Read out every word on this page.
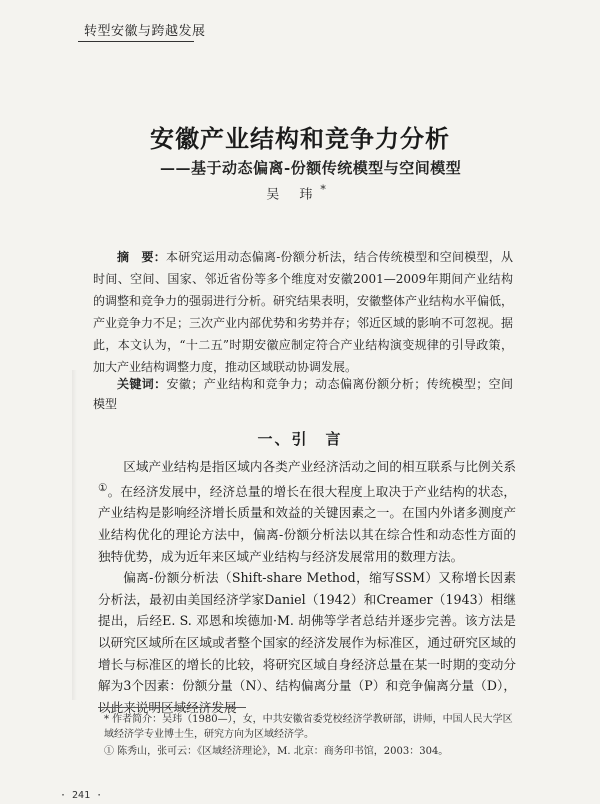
转型安徽与跨越发展
安徽产业结构和竞争力分析
——基于动态偏离-份额传统模型与空间模型
吴 玮*
摘　要：本研究运用动态偏离-份额分析法，结合传统模型和空间模型，从时间、空间、国家、邻近省份等多个维度对安徽2001—2009年期间产业结构的调整和竞争力的强弱进行分析。研究结果表明，安徽整体产业结构水平偏低，产业竞争力不足；三次产业内部优势和劣势并存；邻近区域的影响不可忽视。据此，本文认为，“十二五”时期安徽应制定符合产业结构演变规律的引导政策，加大产业结构调整力度，推动区域联动协调发展。
关键词：安徽；产业结构和竞争力；动态偏离份额分析；传统模型；空间模型
一、引　言

区域产业结构是指区域内各类产业经济活动之间的相互联系与比例关系①。在经济发展中，经济总量的增长在很大程度上取决于产业结构的状态，产业结构是影响经济增长质量和效益的关键因素之一。在国内外诸多测度产业结构优化的理论方法中，偏离-份额分析法以其在综合性和动态性方面的独特优势，成为近年来区域产业结构与经济发展常用的数理方法。

偏离-份额分析法（Shift-share Method，缩写SSM）又称增长因素分析法，最初由美国经济学家Daniel（1942）和Creamer（1943）相继提出，后经E. S. 邓恩和埃德加·M. 胡佛等学者总结并逐步完善。该方法是以研究区域所在区域或者整个国家的经济发展作为标准区，通过研究区域的增长与标准区的增长的比较，将研究区域自身经济总量在某一时期的变动分解为3个因素：份额分量（N）、结构偏离分量（P）和竞争偏离分量（D），以此来说明区域经济发展

* 作者简介：吴玮（1980—），女，中共安徽省委党校经济学教研部，讲师，中国人民大学区域经济学专业博士生，研究方向为区域经济学。
① 陈秀山，张可云：《区域经济理论》，M. 北京：商务印书馆，2003：304。
· 241 ·
